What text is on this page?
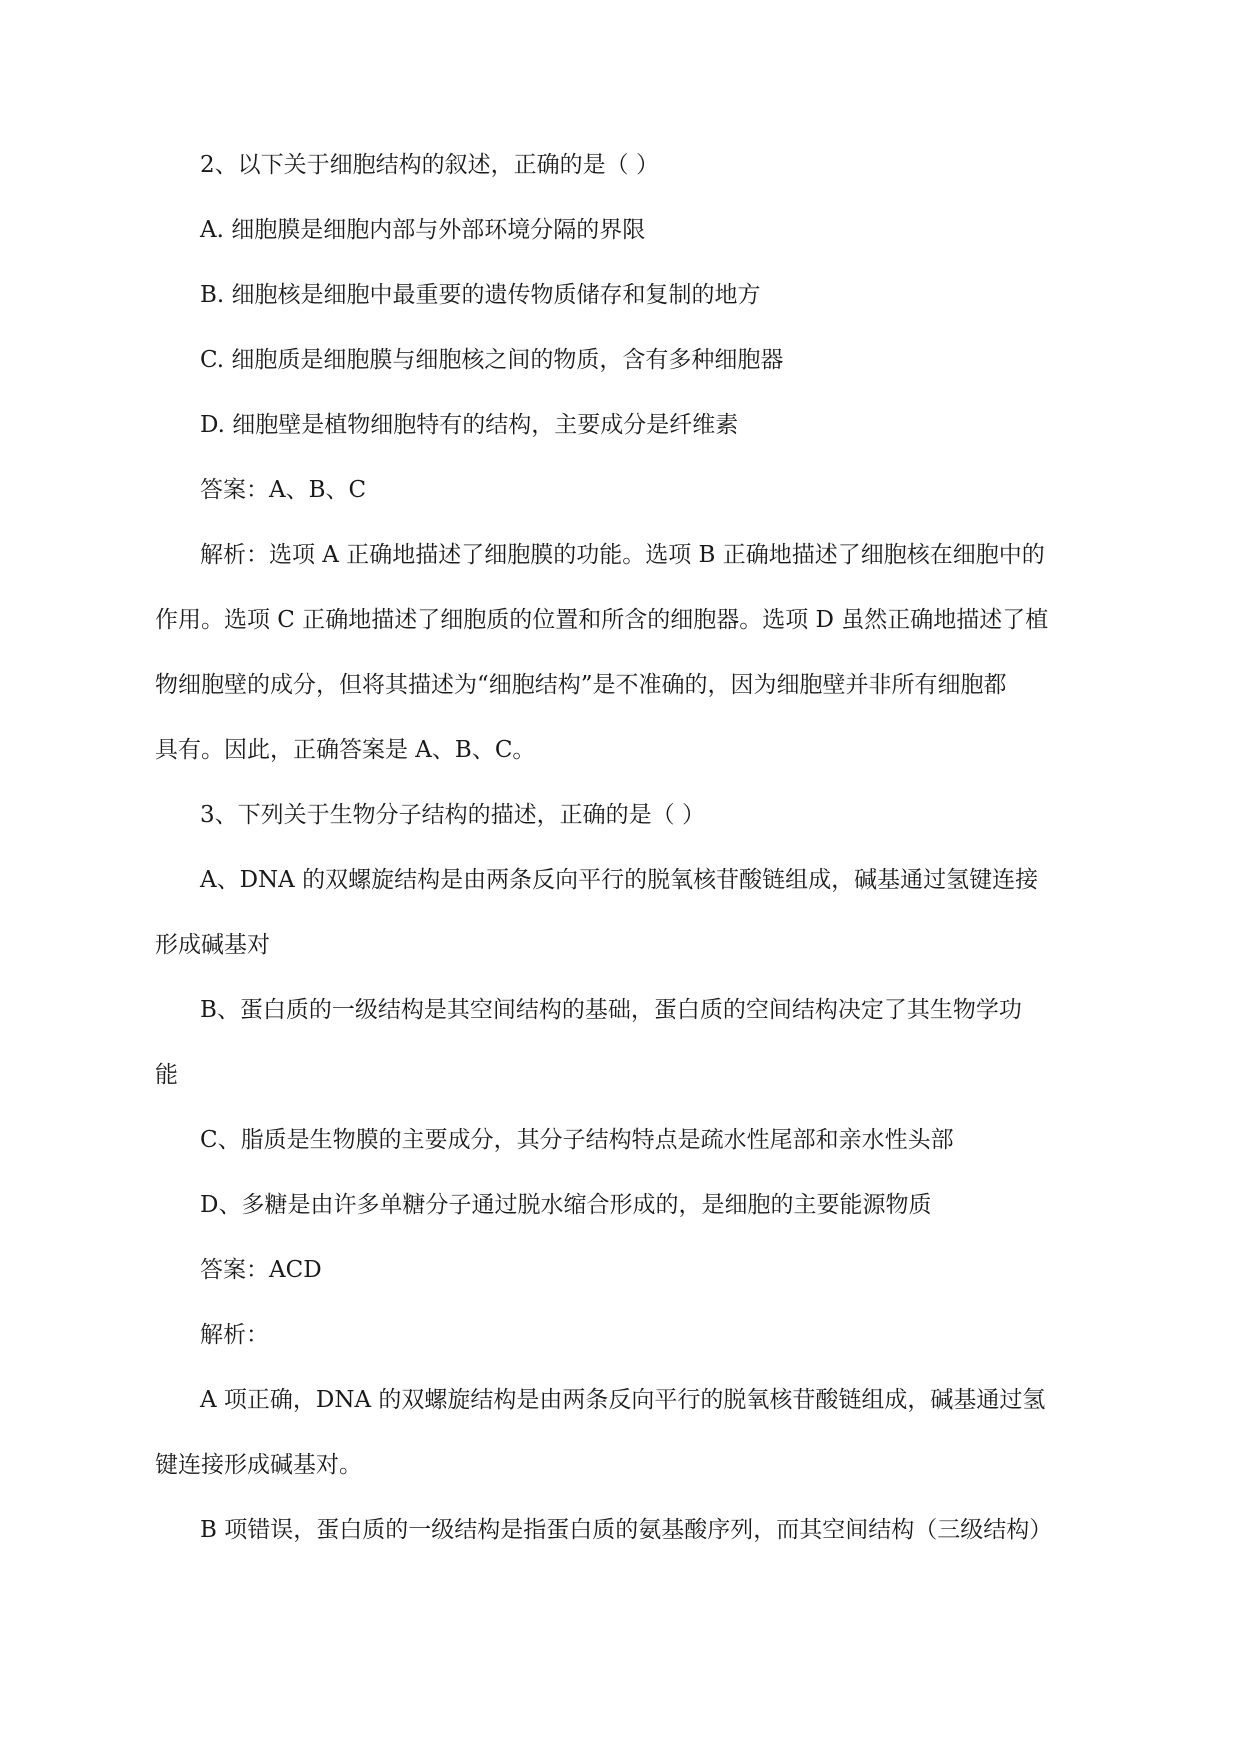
2、以下关于细胞结构的叙述，正确的是（ ）
A. 细胞膜是细胞内部与外部环境分隔的界限
B. 细胞核是细胞中最重要的遗传物质储存和复制的地方
C. 细胞质是细胞膜与细胞核之间的物质，含有多种细胞器
D. 细胞壁是植物细胞特有的结构，主要成分是纤维素
答案：A、B、C
解析：选项 A 正确地描述了细胞膜的功能。选项 B 正确地描述了细胞核在细胞中的
作用。选项 C 正确地描述了细胞质的位置和所含的细胞器。选项 D 虽然正确地描述了植
物细胞壁的成分，但将其描述为“细胞结构”是不准确的，因为细胞壁并非所有细胞都
具有。因此，正确答案是 A、B、C。
3、下列关于生物分子结构的描述，正确的是（ ）
A、DNA 的双螺旋结构是由两条反向平行的脱氧核苷酸链组成，碱基通过氢键连接
形成碱基对
B、蛋白质的一级结构是其空间结构的基础，蛋白质的空间结构决定了其生物学功
能
C、脂质是生物膜的主要成分，其分子结构特点是疏水性尾部和亲水性头部
D、多糖是由许多单糖分子通过脱水缩合形成的，是细胞的主要能源物质
答案：ACD
解析：
A 项正确，DNA 的双螺旋结构是由两条反向平行的脱氧核苷酸链组成，碱基通过氢
键连接形成碱基对。
B 项错误，蛋白质的一级结构是指蛋白质的氨基酸序列，而其空间结构（三级结构）
